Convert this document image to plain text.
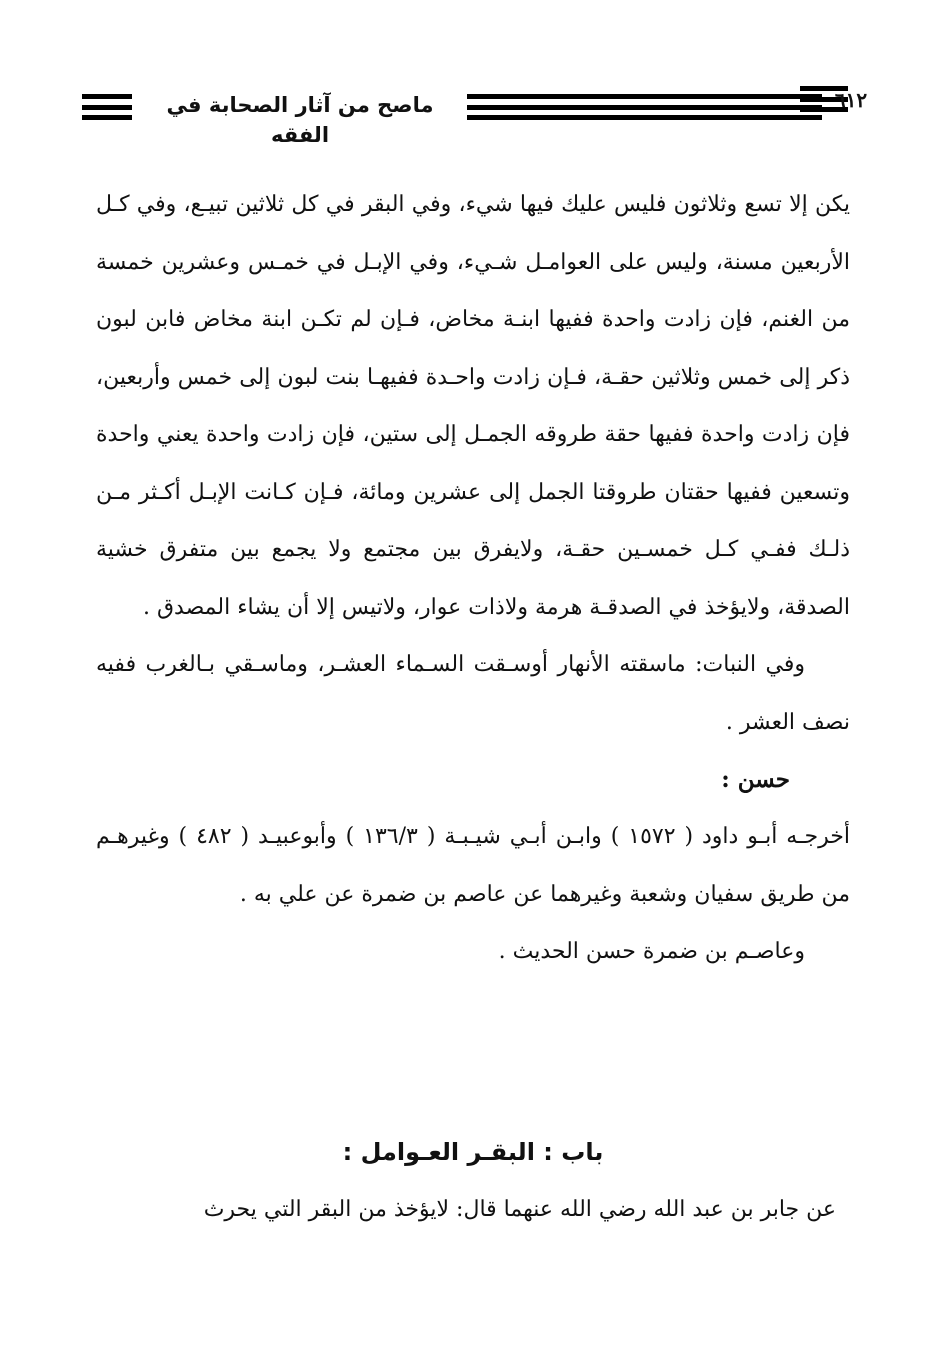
ماصح من آثار الصحابة في الفقه
٦١٢

يكن إلا تسع وثلاثون فليس عليك فيها شيء، وفي البقر في كل ثلاثين تبيـع، وفي كـل الأربعين مسنة، وليس على العوامـل شـيء، وفي الإبـل في خمـس وعشرين خمسة من الغنم، فإن زادت واحدة ففيها ابنـة مخاض، فـإن لم تكـن ابنة مخاض فابن لبون ذكر إلى خمس وثلاثين حقـة، فـإن زادت واحـدة ففيهـا بنت لبون إلى خمس وأربعين، فإن زادت واحدة ففيها حقة طروقه الجمـل إلى ستين، فإن زادت واحدة يعني واحدة وتسعين ففيها حقتان طروقتا الجمل إلى عشرين ومائة، فـإن كـانت الإبـل أكـثر مـن ذلـك ففـي كـل خمسـين حقـة، ولايفرق بين مجتمع ولا يجمع بين متفرق خشية الصدقة، ولايؤخذ في الصدقـة هرمة ولاذات عوار، ولاتيس إلا أن يشاء المصدق .

وفي النبات: ماسقته الأنهار أوسـقت السـماء العشـر، وماسـقي بـالغرب ففيه نصف العشر .

حسن :

أخرجـه أبـو داود ( ١٥٧٢ ) وابـن أبـي شيـبـة ( ١٣٦/٣ ) وأبوعبيـد ( ٤٨٢ ) وغيرهـم من طريق سفيان وشعبة وغيرهما عن عاصم بن ضمرة عن علي به .

وعاصـم بن ضمرة حسن الحديث .

باب : البقـر العـوامل :
عن جابر بن عبد الله رضي الله عنهما قال: لايؤخذ من البقر التي يحرث
